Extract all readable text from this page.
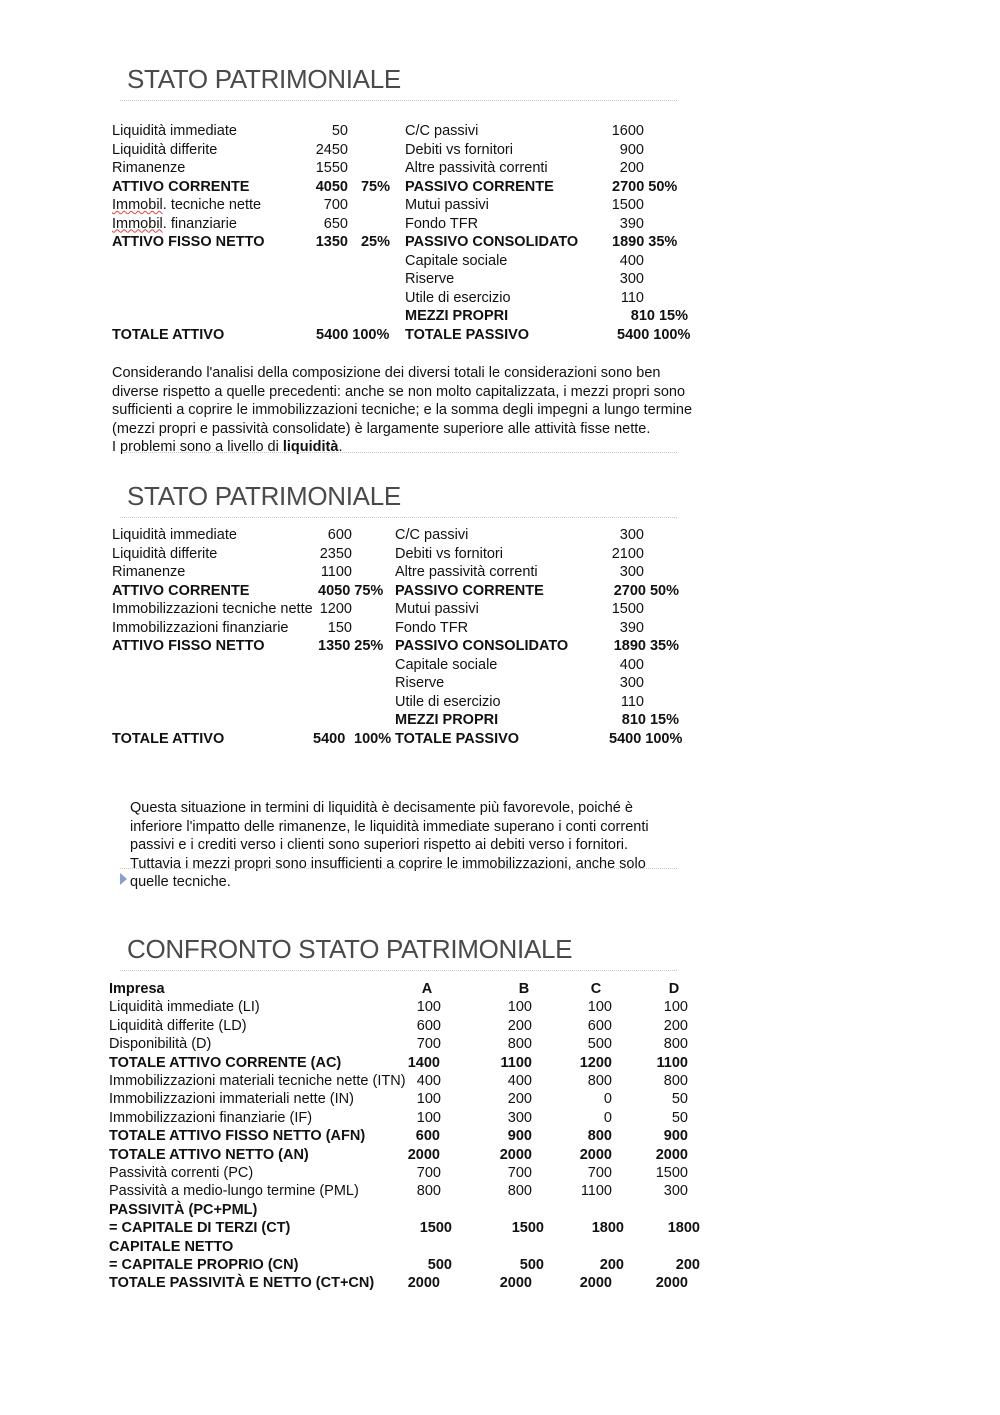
STATO PATRIMONIALE
Liquidità immediate	50
Liquidità differite	2450
Rimanenze	1550
ATTIVO CORRENTE	4050 75%
Immobil. tecniche nette	700
Immobil. finanziarie	650
ATTIVO FISSO NETTO	1350 25%
C/C passivi	1600
Debiti vs fornitori	900
Altre passività correnti	200
PASSIVO CORRENTE	2700 50%
Mutui passivi	1500
Fondo TFR	390
PASSIVO CONSOLIDATO 1890 35%
Capitale sociale	400
Riserve	300
Utile di esercizio	110
MEZZI PROPRI	810 15%
TOTALE ATTIVO	5400 100% TOTALE PASSIVO	5400 100%

Considerando l'analisi della composizione dei diversi totali le considerazioni sono ben

diverse rispetto a quelle precedenti: anche se non molto capitalizzata, i mezzi propri sono

sufficienti a coprire le immobilizzazioni tecniche; e la somma degli impegni a lungo termine

(mezzi propri e passività consolidate) è largamente superiore alle attività fisse nette.

I problemi sono a livello di liquidità.

STATO PATRIMONIALE
Liquidità immediate	600
Liquidità differite	2350
Rimanenze	1100
ATTIVO CORRENTE	4050 75%
Immobilizzazioni tecniche nette 1200
Immobilizzazioni finanziarie	150
ATTIVO FISSO NETTO	1350 25%
C/C passivi	300
Debiti vs fornitori	2100
Altre passività correnti	300
PASSIVO CORRENTE	2700 50%
Mutui passivi	1500
Fondo TFR	390
PASSIVO CONSOLIDATO	1890 35%
Capitale sociale	400
Riserve	300
Utile di esercizio	110
MEZZI PROPRI	810 15%
TOTALE ATTIVO	5400 100% TOTALE PASSIVO	5400 100%

Questa situazione in termini di liquidità è decisamente più favorevole, poiché è

inferiore l'impatto delle rimanenze, le liquidità immediate superano i conti correnti

passivi e i crediti verso i clienti sono superiori rispetto ai debiti verso i fornitori.

Tuttavia i mezzi propri sono insufficienti a coprire le immobilizzazioni, anche solo

quelle tecniche.

CONFRONTO STATO PATRIMONIALE
Impresa	A	B	C	D
Liquidità immediate (LI)	100	100	100	100
Liquidità differite (LD)	600	200	600	200
Disponibilità (D)	700	800	500	800
TOTALE ATTIVO CORRENTE (AC)	1400	1100	1200	1100
Immobilizzazioni materiali tecniche nette (ITN) 400	400	800	800
Immobilizzazioni immateriali nette (IN)	100	200	0	50
Immobilizzazioni finanziarie (IF)	100	300	0	50
TOTALE ATTIVO FISSO NETTO (AFN)	600	900	800	900
TOTALE ATTIVO NETTO (AN)	2000	2000	2000	2000
Passività correnti (PC)	700	700	700	1500
Passività a medio-lungo termine (PML)	800	800	1100	300
PASSIVITÀ (PC+PML)
= CAPITALE DI TERZI (CT)	1500	1500	1800	1800
CAPITALE NETTO
= CAPITALE PROPRIO (CN)	500	500	200	200
TOTALE PASSIVITÀ E NETTO (CT+CN)	2000	2000	2000	2000
